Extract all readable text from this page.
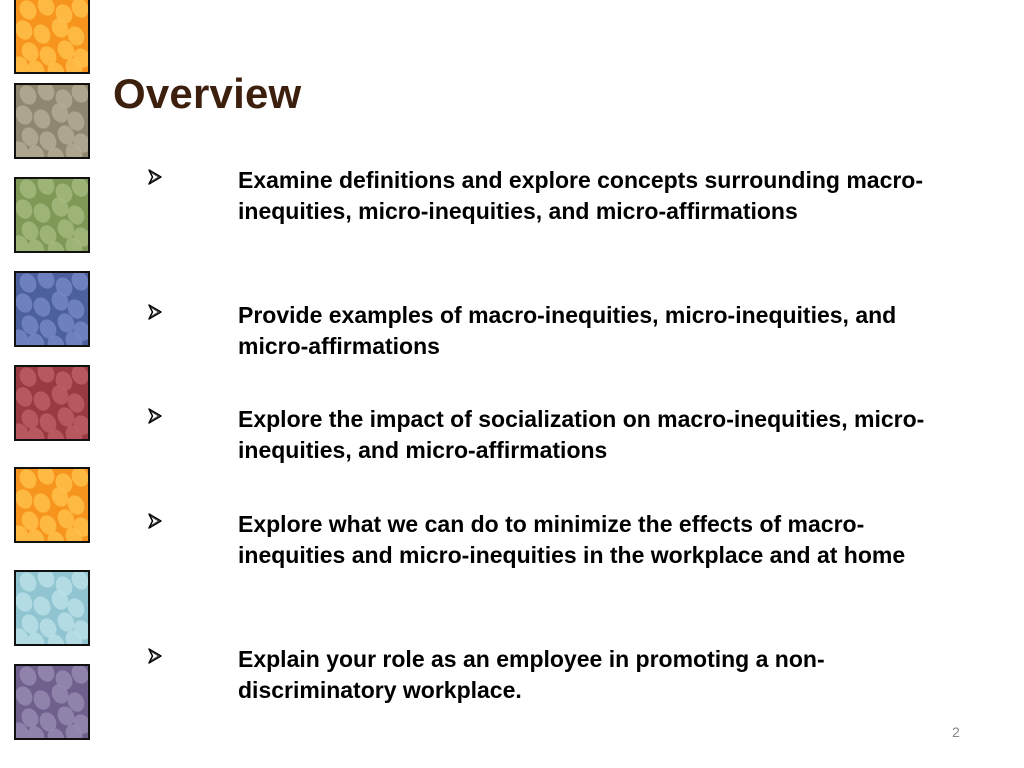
Overview
Examine definitions and explore concepts surrounding macro-inequities, micro-inequities, and micro-affirmations
Provide examples of macro-inequities, micro-inequities, and micro-affirmations
Explore the impact of socialization on macro-inequities, micro-inequities, and micro-affirmations
Explore what we can do to minimize the effects of macro-inequities and micro-inequities in the workplace and at home
Explain your role as an employee in promoting a non-discriminatory workplace.
2
